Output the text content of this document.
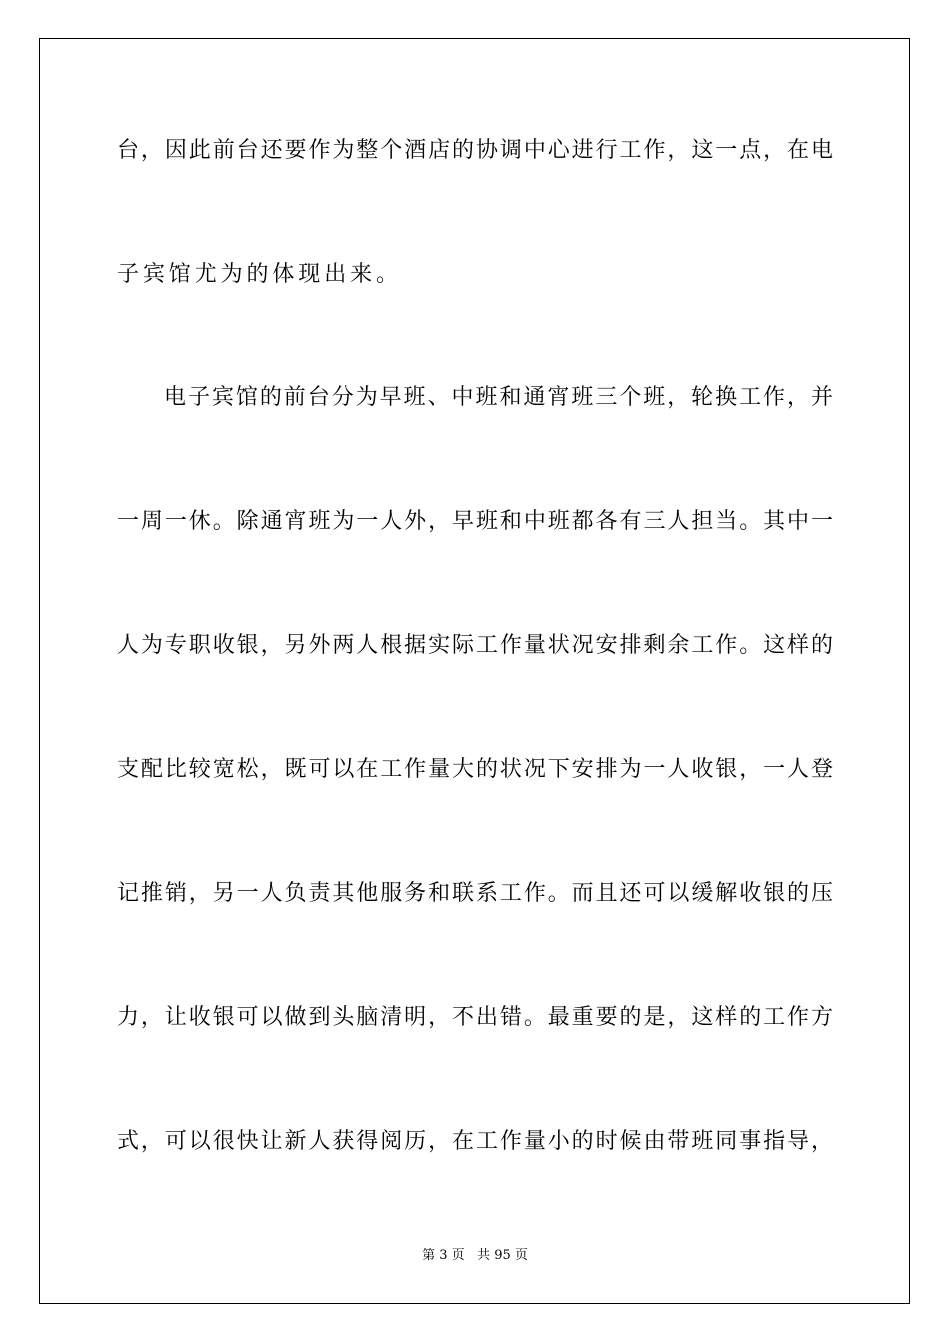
台，因此前台还要作为整个酒店的协调中心进行工作，这一点，在电
子宾馆尤为的体现出来。
电子宾馆的前台分为早班、中班和通宵班三个班，轮换工作，并
一周一休。除通宵班为一人外，早班和中班都各有三人担当。其中一
人为专职收银，另外两人根据实际工作量状况安排剩余工作。这样的
支配比较宽松，既可以在工作量大的状况下安排为一人收银，一人登
记推销，另一人负责其他服务和联系工作。而且还可以缓解收银的压
力，让收银可以做到头脑清明，不出错。最重要的是，这样的工作方
式，可以很快让新人获得阅历，在工作量小的时候由带班同事指导，
第 3 页   共 95 页
